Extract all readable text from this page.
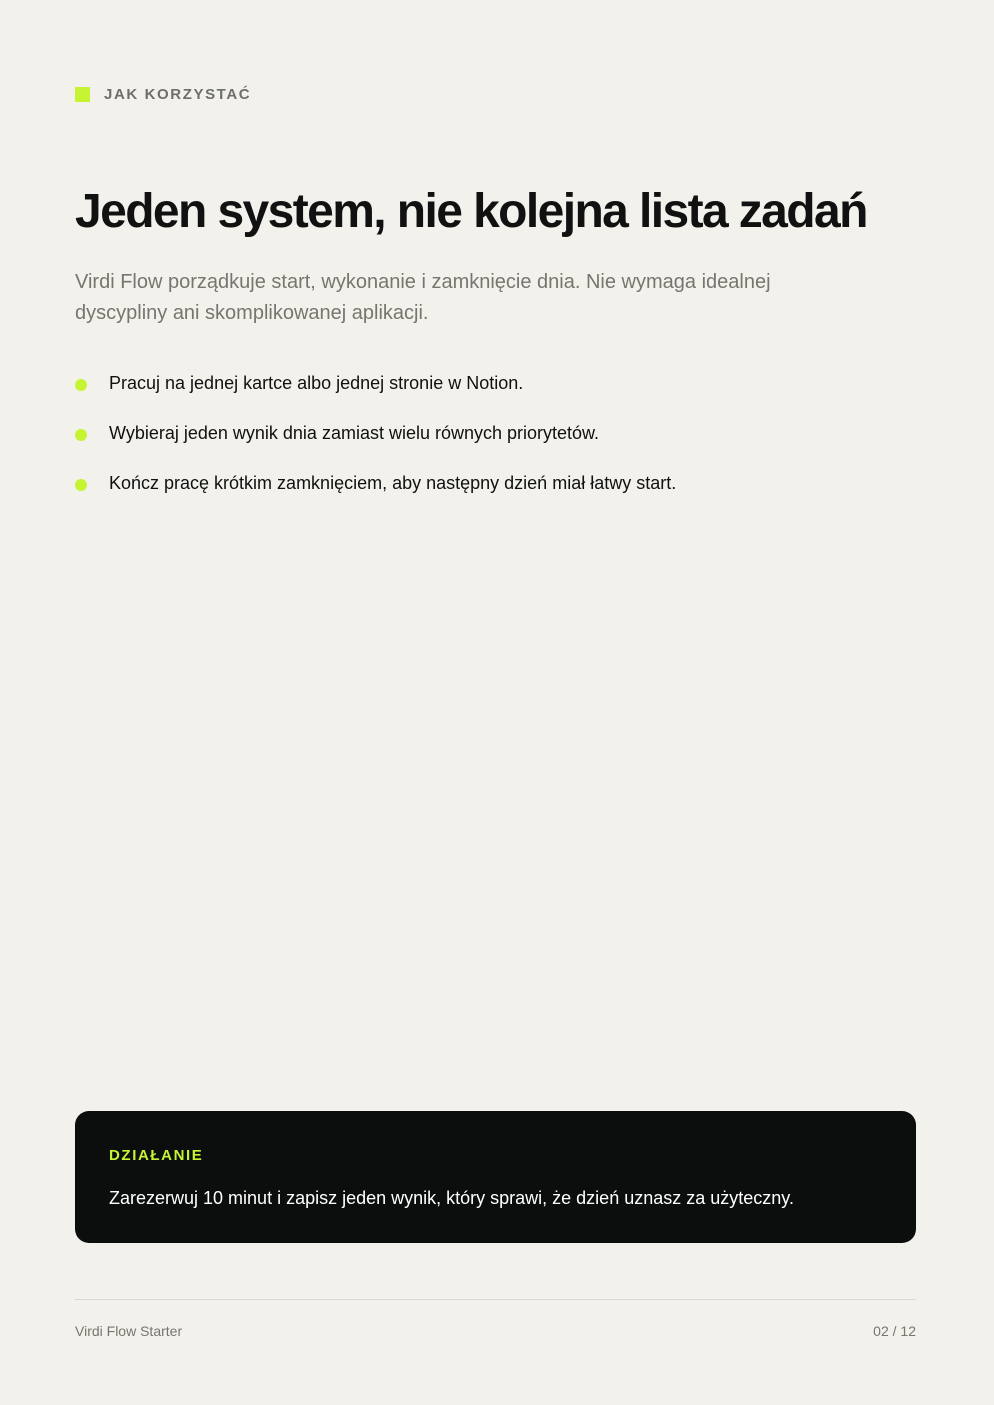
JAK KORZYSTAĆ
Jeden system, nie kolejna lista zadań

Virdi Flow porządkuje start, wykonanie i zamknięcie dnia. Nie wymaga idealnej dyscypliny ani skomplikowanej aplikacji.

Pracuj na jednej kartce albo jednej stronie w Notion.
Wybieraj jeden wynik dnia zamiast wielu równych priorytetów.
Kończ pracę krótkim zamknięciem, aby następny dzień miał łatwy start.
DZIAŁANIE
Zarezerwuj 10 minut i zapisz jeden wynik, który sprawi, że dzień uznasz za użyteczny.
Virdi Flow Starter	02 / 12
